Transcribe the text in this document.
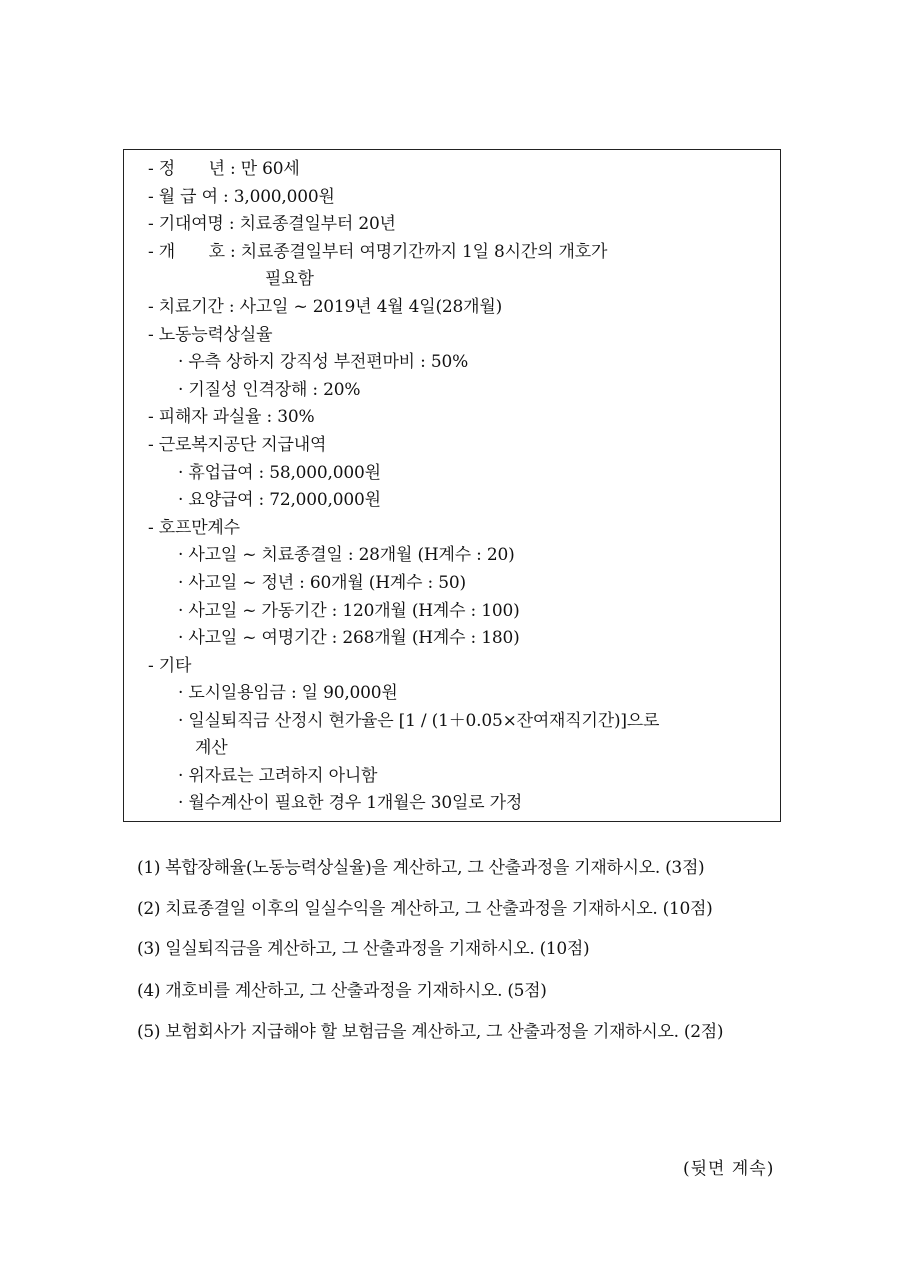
- 정　　년 : 만 60세
- 월 급 여 : 3,000,000원
- 기대여명 : 치료종결일부터 20년
- 개　　호 : 치료종결일부터 여명기간까지 1일 8시간의 개호가
필요함
- 치료기간 : 사고일 ~ 2019년 4월 4일(28개월)
- 노동능력상실율
· 우측 상하지 강직성 부전편마비 : 50%
· 기질성 인격장해 : 20%
- 피해자 과실율 : 30%
- 근로복지공단 지급내역
· 휴업급여 : 58,000,000원
· 요양급여 : 72,000,000원
- 호프만계수
· 사고일 ~ 치료종결일 : 28개월 (H계수 : 20)
· 사고일 ~ 정년 : 60개월 (H계수 : 50)
· 사고일 ~ 가동기간 : 120개월 (H계수 : 100)
· 사고일 ~ 여명기간 : 268개월 (H계수 : 180)
- 기타
· 도시일용임금 : 일 90,000원
· 일실퇴직금 산정시 현가율은 [1 / (1＋0.05×잔여재직기간)]으로
계산
· 위자료는 고려하지 아니함
· 월수계산이 필요한 경우 1개월은 30일로 가정
(1) 복합장해율(노동능력상실율)을 계산하고, 그 산출과정을 기재하시오. (3점)
(2) 치료종결일 이후의 일실수익을 계산하고, 그 산출과정을 기재하시오. (10점)
(3) 일실퇴직금을 계산하고, 그 산출과정을 기재하시오. (10점)
(4) 개호비를 계산하고, 그 산출과정을 기재하시오. (5점)
(5) 보험회사가 지급해야 할 보험금을 계산하고, 그 산출과정을 기재하시오. (2점)
(뒷면 계속)
